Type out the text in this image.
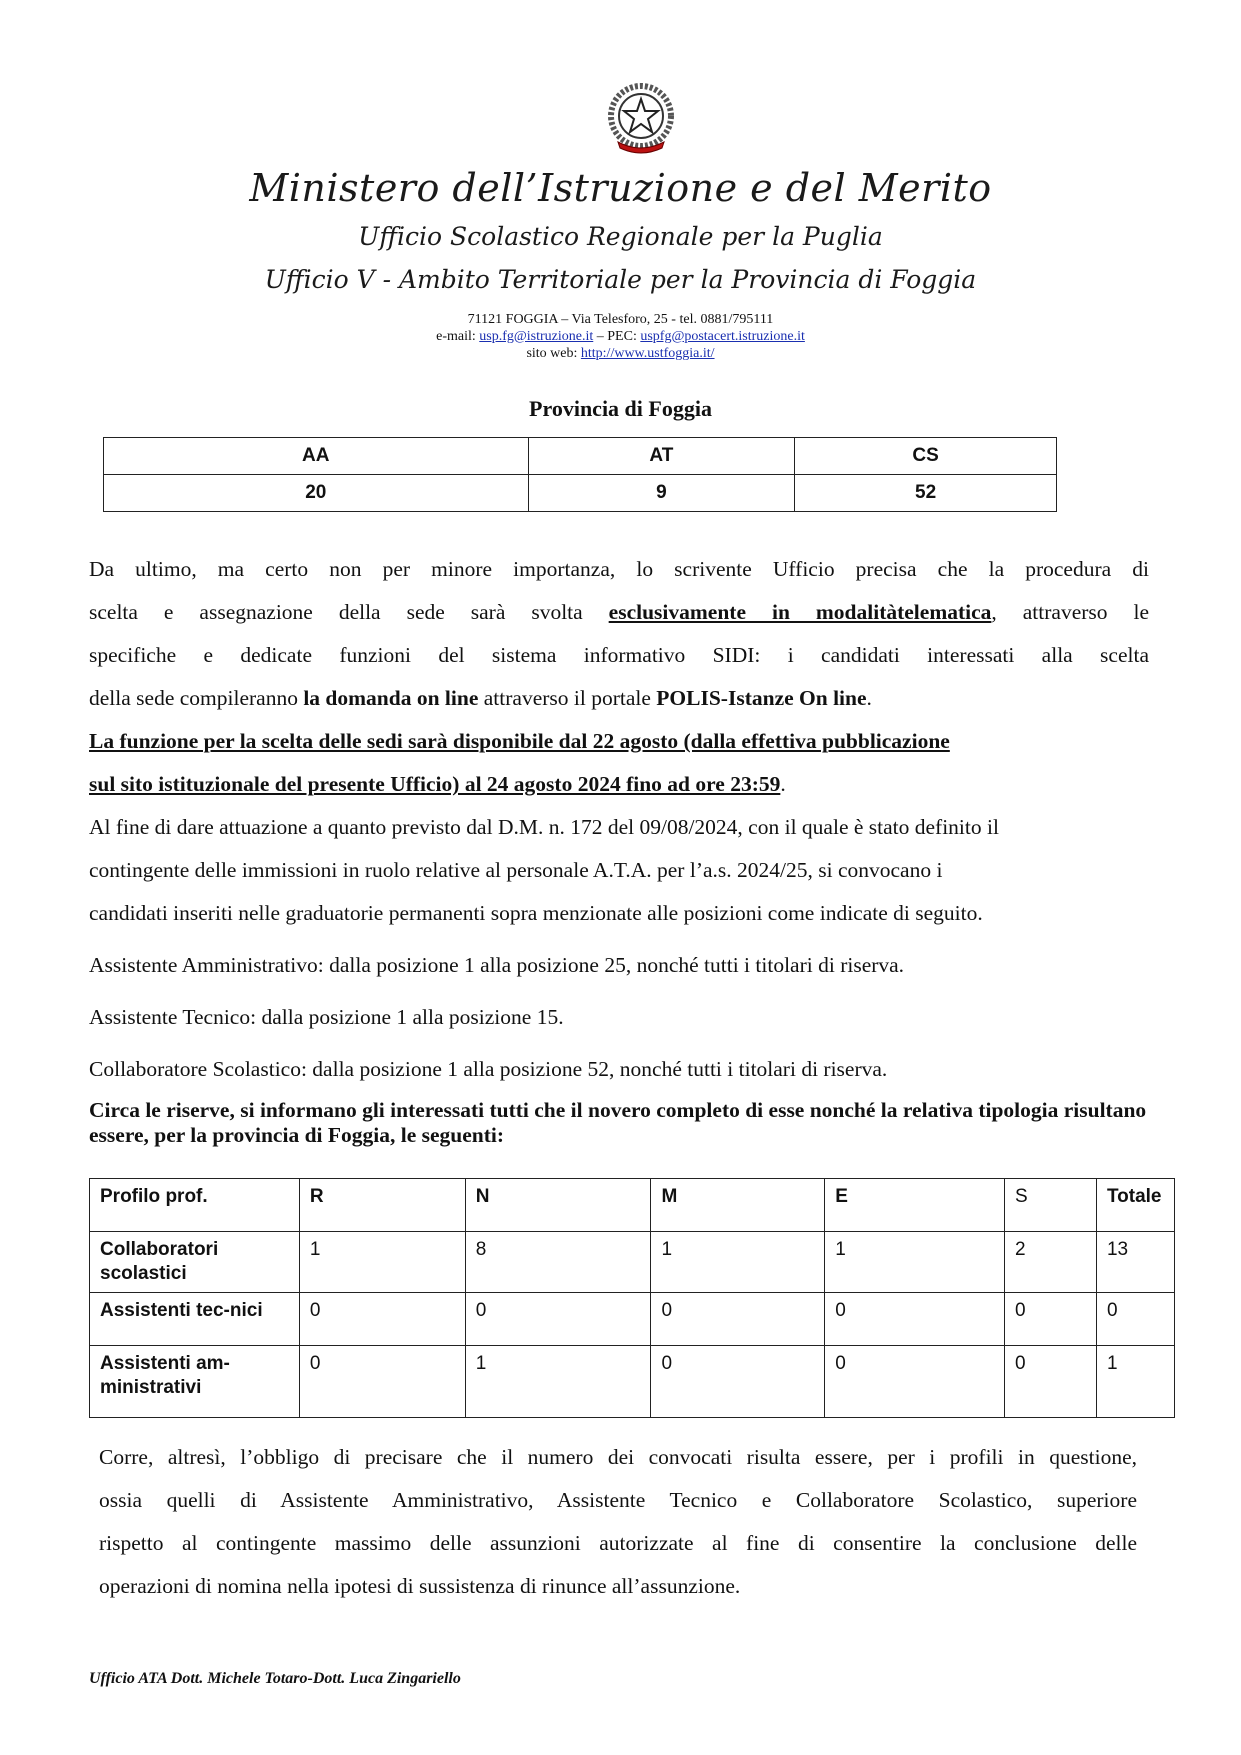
Ministero dell’Istruzione e del Merito
Ufficio Scolastico Regionale per la Puglia
Ufficio V - Ambito Territoriale per la Provincia di Foggia
71121 FOGGIA – Via Telesforo, 25 - tel. 0881/795111
e-mail: usp.fg@istruzione.it – PEC: uspfg@postacert.istruzione.it
sito web: http://www.ustfoggia.it/
Provincia di Foggia
AA	AT	CS
20	9	52
Da ultimo, ma certo non per minore importanza, lo scrivente Ufficio precisa che la procedura di
scelta e assegnazione della sede sarà svolta esclusivamente in modalitàtelematica, attraverso le
specifiche e dedicate funzioni del sistema informativo SIDI: i candidati interessati alla scelta
della sede compileranno la domanda on line attraverso il portale POLIS-Istanze On line.
La funzione per la scelta delle sedi sarà disponibile dal 22 agosto (dalla effettiva pubblicazione
sul sito istituzionale del presente Ufficio) al 24 agosto 2024 fino ad ore 23:59.
Al fine di dare attuazione a quanto previsto dal D.M. n. 172 del 09/08/2024, con il quale è stato definito il
contingente delle immissioni in ruolo relative al personale A.T.A. per l’a.s. 2024/25, si convocano i
candidati inseriti nelle graduatorie permanenti sopra menzionate alle posizioni come indicate di seguito.
Assistente Amministrativo: dalla posizione 1 alla posizione 25, nonché tutti i titolari di riserva.
Assistente Tecnico: dalla posizione 1 alla posizione 15.
Collaboratore Scolastico: dalla posizione 1 alla posizione 52, nonché tutti i titolari di riserva.
Circa le riserve, si informano gli interessati tutti che il novero completo di esse nonché la relativa tipologia risultano essere, per la provincia di Foggia, le seguenti:
Profilo prof.	R	N	M	E	S	Totale
Collaboratori scolastici	1	8	1	1	2	13
Assistenti tec-nici	0	0	0	0	0	0
Assistenti am-ministrativi	0	1	0	0	0	1
Corre, altresì, l’obbligo di precisare che il numero dei convocati risulta essere, per i profili in questione,
ossia quelli di Assistente Amministrativo, Assistente Tecnico e Collaboratore Scolastico, superiore
rispetto al contingente massimo delle assunzioni autorizzate al fine di consentire la conclusione delle
operazioni di nomina nella ipotesi di sussistenza di rinunce all’assunzione.
Ufficio ATA Dott. Michele Totaro-Dott. Luca Zingariello
